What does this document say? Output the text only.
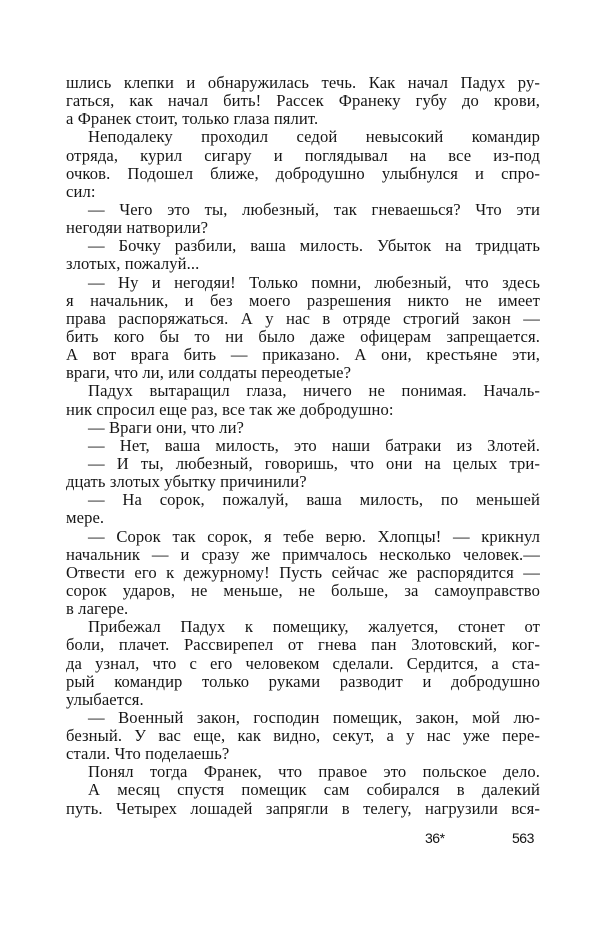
шлись клепки и обнаружилась течь. Как начал Падух ру-
гаться, как начал бить! Рассек Франеку губу до крови,
а Франек стоит, только глаза пялит.
Неподалеку проходил седой невысокий командир
отряда, курил сигару и поглядывал на все из-под
очков. Подошел ближе, добродушно улыбнулся и спро-
сил:
— Чего это ты, любезный, так гневаешься? Что эти
негодяи натворили?
— Бочку разбили, ваша милость. Убыток на тридцать
злотых, пожалуй...
— Ну и негодяи! Только помни, любезный, что здесь
я начальник, и без моего разрешения никто не имеет
права распоряжаться. А у нас в отряде строгий закон —
бить кого бы то ни было даже офицерам запрещается.
А вот врага бить — приказано. А они, крестьяне эти,
враги, что ли, или солдаты переодетые?
Падух вытаращил глаза, ничего не понимая. Началь-
ник спросил еще раз, все так же добродушно:
— Враги они, что ли?
— Нет, ваша милость, это наши батраки из Злотей.
— И ты, любезный, говоришь, что они на целых три-
дцать злотых убытку причинили?
— На сорок, пожалуй, ваша милость, по меньшей
мере.
— Сорок так сорок, я тебе верю. Хлопцы! — крикнул
начальник — и сразу же примчалось несколько человек.—
Отвести его к дежурному! Пусть сейчас же распорядится —
сорок ударов, не меньше, не больше, за самоуправство
в лагере.
Прибежал Падух к помещику, жалуется, стонет от
боли, плачет. Рассвирепел от гнева пан Злотовский, ког-
да узнал, что с его человеком сделали. Сердится, а ста-
рый командир только руками разводит и добродушно
улыбается.
— Военный закон, господин помещик, закон, мой лю-
безный. У вас еще, как видно, секут, а у нас уже пере-
стали. Что поделаешь?
Понял тогда Франек, что правое это польское дело.
А месяц спустя помещик сам собирался в далекий
путь. Четырех лошадей запрягли в телегу, нагрузили вся-
36*	563
